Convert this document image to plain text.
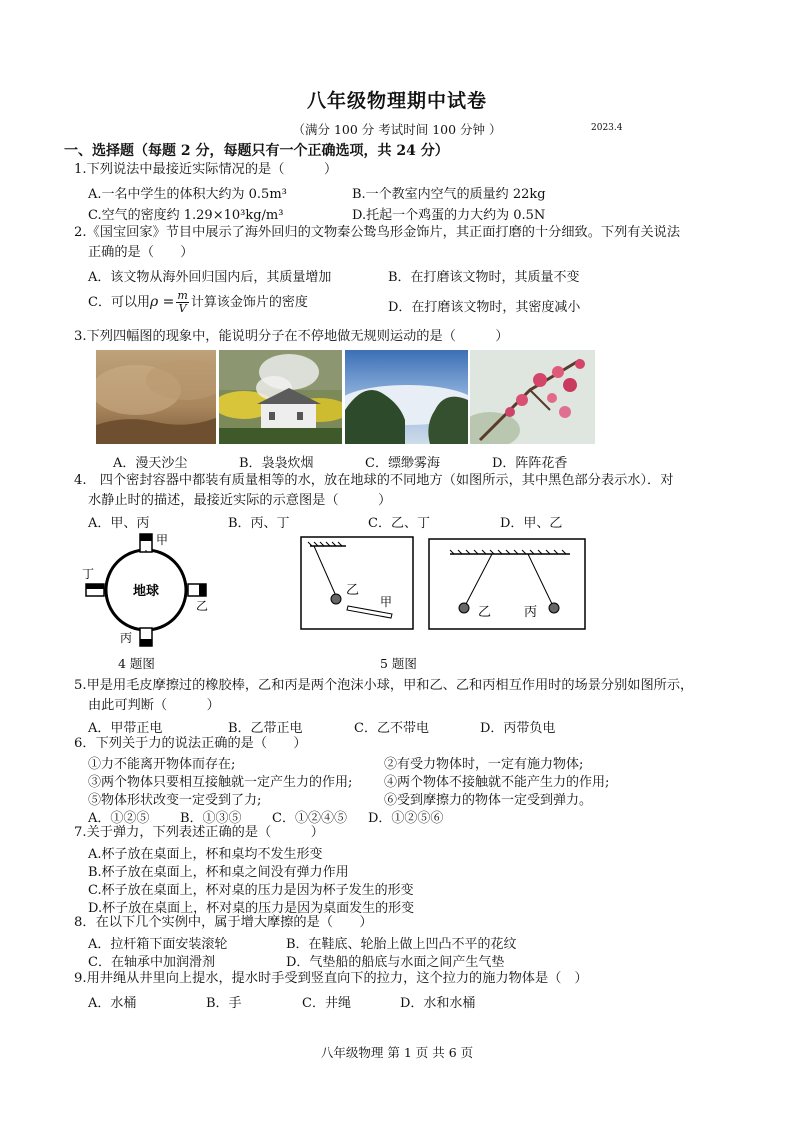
八年级物理期中试卷
（满分 100 分 考试时间 100 分钟 ）	2023.4
一、选择题（每题 2 分，每题只有一个正确选项，共 24 分）
1.下列说法中最接近实际情况的是（　　　）
A.一名中学生的体积大约为 0.5m³	B.一个教室内空气的质量约 22kg
C.空气的密度约 1.29×10³kg/m³	D.托起一个鸡蛋的力大约为 0.5N
2.《国宝回家》节目中展示了海外回归的文物秦公鸷鸟形金饰片，其正面打磨的十分细致。下列有关说法
正确的是（　　）
A．该文物从海外回归国内后，其质量增加	B．在打磨该文物时，其质量不变
C．可以用$\rho = \frac{m}{V}$ 计算该金饰片的密度	D．在打磨该文物时，其密度减小
3.下列四幅图的现象中，能说明分子在不停地做无规则运动的是（　　　）
A．漫天沙尘	B．袅袅炊烟	C．缥缈雾海	D．阵阵花香
4.　四个密封容器中都装有质量相等的水，放在地球的不同地方（如图所示，其中黑色部分表示水）．对
水静止时的描述，最接近实际的示意图是（　　　）
A．甲、丙	B．丙、丁	C．乙、丁	D．甲、乙
地球
甲
乙
丁
丙
乙
甲
乙	丙
4 题图	5 题图
5.甲是用毛皮摩擦过的橡胶棒，乙和丙是两个泡沫小球，甲和乙、乙和丙相互作用时的场景分别如图所示，
由此可判断（　　　）
A．甲带正电	B．乙带正电	C．乙不带电	D．丙带负电
6．下列关于力的说法正确的是（　　）
①力不能离开物体而存在;	②有受力物体时，一定有施力物体;
③两个物体只要相互接触就一定产生力的作用; ④两个物体不接触就不能产生力的作用;
⑤物体形状改变一定受到了力;	⑥受到摩擦力的物体一定受到弹力。
A．①②⑤ B．①③⑤ C．①②④⑤ D．①②⑤⑥
7.关于弹力，下列表述正确的是（　　　）
A.杯子放在桌面上，杯和桌均不发生形变
B.杯子放在桌面上，杯和桌之间没有弹力作用
C.杯子放在桌面上，杯对桌的压力是因为杯子发生的形变
D.杯子放在桌面上，杯对桌的压力是因为桌面发生的形变
8．在以下几个实例中，属于增大摩擦的是（　　）
A．拉杆箱下面安装滚轮	B．在鞋底、轮胎上做上凹凸不平的花纹
C．在轴承中加润滑剂	D．气垫船的船底与水面之间产生气垫
9.用井绳从井里向上提水，提水时手受到竖直向下的拉力，这个拉力的施力物体是（　）
A．水桶	B．手	C．井绳	D．水和水桶
八年级物理 第 1 页 共 6 页
